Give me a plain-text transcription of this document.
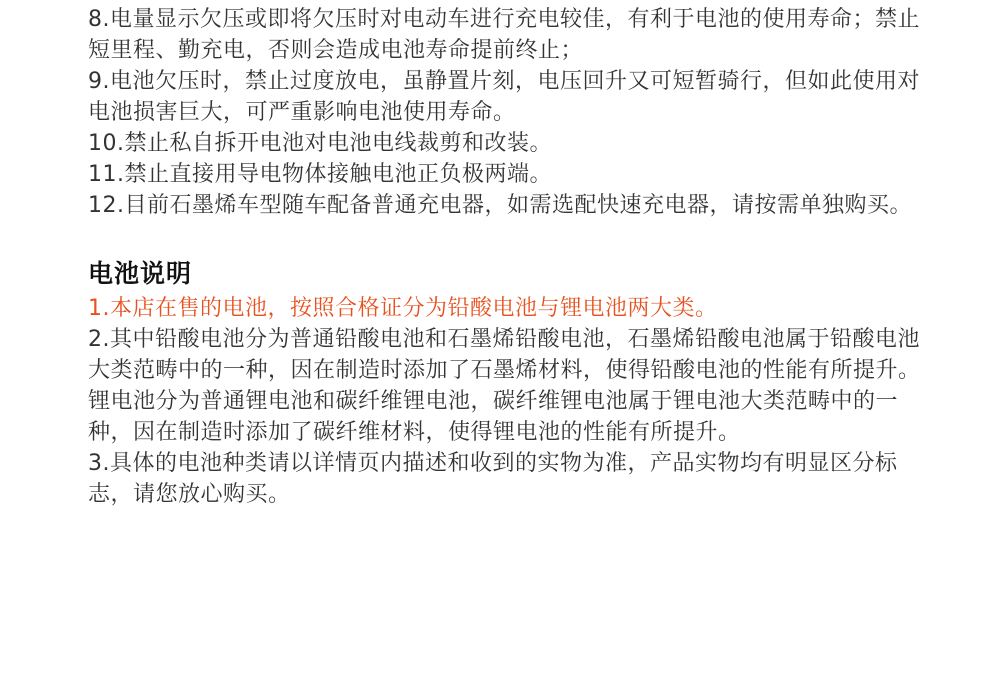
8.电量显示欠压或即将欠压时对电动车进行充电较佳，有利于电池的使用寿命；禁止短里程、勤充电，否则会造成电池寿命提前终止；

9.电池欠压时，禁止过度放电，虽静置片刻，电压回升又可短暂骑行，但如此使用对电池损害巨大，可严重影响电池使用寿命。

10.禁止私自拆开电池对电池电线裁剪和改装。

11.禁止直接用导电物体接触电池正负极两端。

12.目前石墨烯车型随车配备普通充电器，如需选配快速充电器，请按需单独购买。

电池说明

1.本店在售的电池，按照合格证分为铅酸电池与锂电池两大类。

2.其中铅酸电池分为普通铅酸电池和石墨烯铅酸电池，石墨烯铅酸电池属于铅酸电池大类范畴中的一种，因在制造时添加了石墨烯材料，使得铅酸电池的性能有所提升。锂电池分为普通锂电池和碳纤维锂电池，碳纤维锂电池属于锂电池大类范畴中的一种，因在制造时添加了碳纤维材料，使得锂电池的性能有所提升。

3.具体的电池种类请以详情页内描述和收到的实物为准，产品实物均有明显区分标志，请您放心购买。
